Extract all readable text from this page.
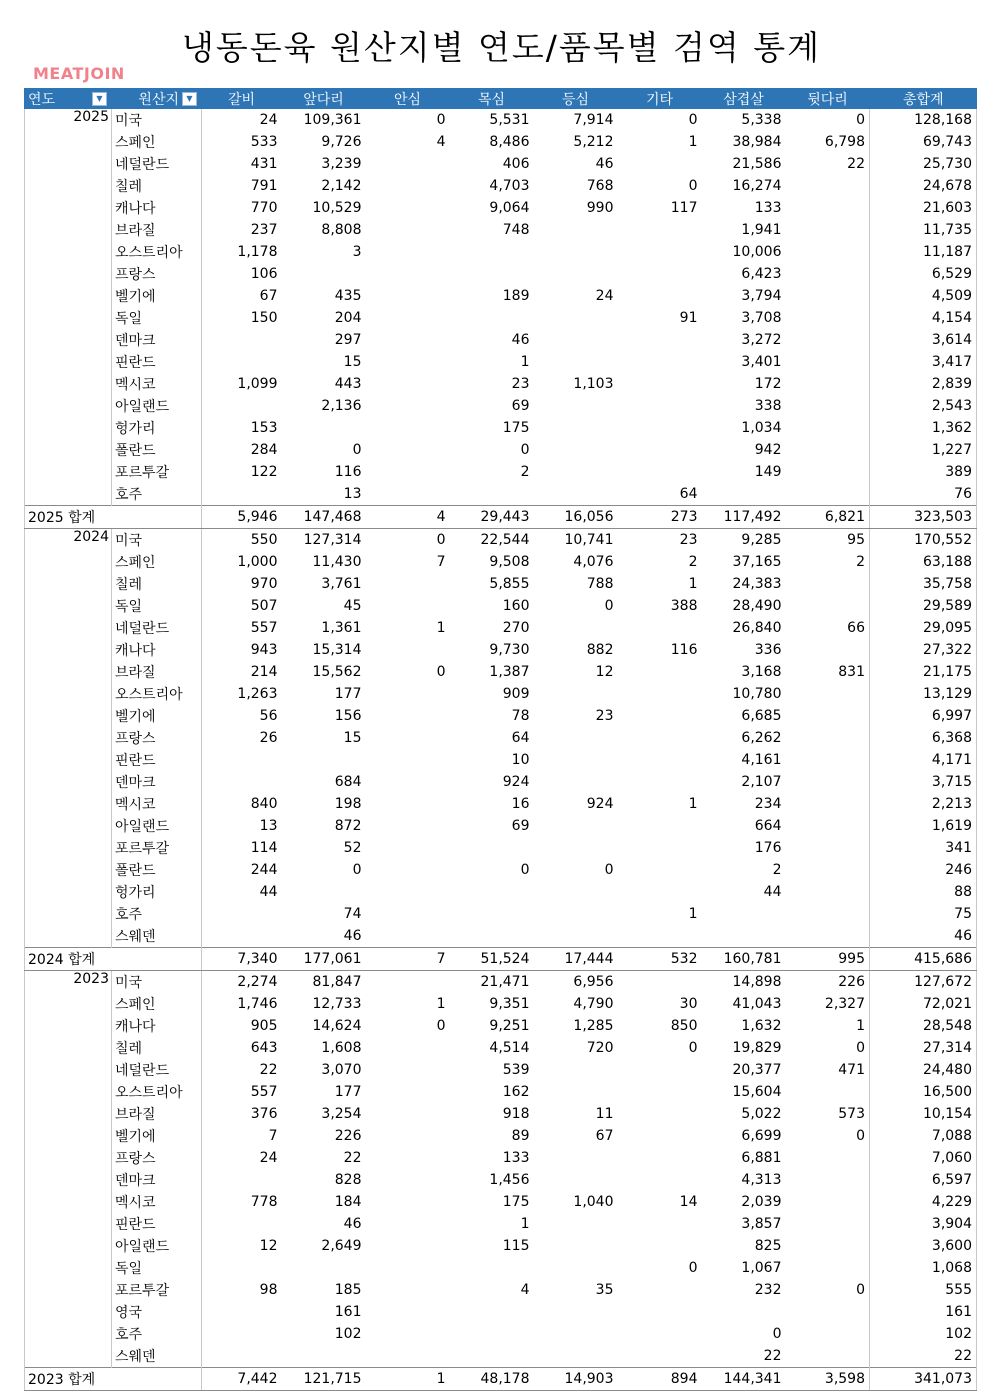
냉동돈육 원산지별 연도/품목별 검역 통계
MEATJOIN
연도 ▼	원산지 ▼	갈비	앞다리	안심	목심	등심	기타	삼겹살	뒷다리	총합계
2025	미국	24	109,361	0	5,531	7,914	0	5,338	0	128,168
	스페인	533	9,726	4	8,486	5,212	1	38,984	6,798	69,743
	네덜란드	431	3,239		406	46		21,586	22	25,730
	칠레	791	2,142		4,703	768	0	16,274		24,678
	캐나다	770	10,529		9,064	990	117	133		21,603
	브라질	237	8,808		748			1,941		11,735
	오스트리아	1,178	3					10,006		11,187
	프랑스	106						6,423		6,529
	벨기에	67	435		189	24		3,794		4,509
	독일	150	204				91	3,708		4,154
	덴마크		297		46			3,272		3,614
	핀란드		15		1			3,401		3,417
	멕시코	1,099	443		23	1,103		172		2,839
	아일랜드		2,136		69			338		2,543
	헝가리	153			175			1,034		1,362
	폴란드	284	0		0			942		1,227
	포르투갈	122	116		2			149		389
	호주		13				64			76
2025 합계		5,946	147,468	4	29,443	16,056	273	117,492	6,821	323,503
2024	미국	550	127,314	0	22,544	10,741	23	9,285	95	170,552
	스페인	1,000	11,430	7	9,508	4,076	2	37,165	2	63,188
	칠레	970	3,761		5,855	788	1	24,383		35,758
	독일	507	45		160	0	388	28,490		29,589
	네덜란드	557	1,361	1	270			26,840	66	29,095
	캐나다	943	15,314		9,730	882	116	336		27,322
	브라질	214	15,562	0	1,387	12		3,168	831	21,175
	오스트리아	1,263	177		909			10,780		13,129
	벨기에	56	156		78	23		6,685		6,997
	프랑스	26	15		64			6,262		6,368
	핀란드				10			4,161		4,171
	덴마크		684		924			2,107		3,715
	멕시코	840	198		16	924	1	234		2,213
	아일랜드	13	872		69			664		1,619
	포르투갈	114	52					176		341
	폴란드	244	0		0	0		2		246
	헝가리	44						44		88
	호주		74				1			75
	스웨덴		46							46
2024 합계		7,340	177,061	7	51,524	17,444	532	160,781	995	415,686
2023	미국	2,274	81,847		21,471	6,956		14,898	226	127,672
	스페인	1,746	12,733	1	9,351	4,790	30	41,043	2,327	72,021
	캐나다	905	14,624	0	9,251	1,285	850	1,632	1	28,548
	칠레	643	1,608		4,514	720	0	19,829	0	27,314
	네덜란드	22	3,070		539			20,377	471	24,480
	오스트리아	557	177		162			15,604		16,500
	브라질	376	3,254		918	11		5,022	573	10,154
	벨기에	7	226		89	67		6,699	0	7,088
	프랑스	24	22		133			6,881		7,060
	덴마크		828		1,456			4,313		6,597
	멕시코	778	184		175	1,040	14	2,039		4,229
	핀란드		46		1			3,857		3,904
	아일랜드	12	2,649		115			825		3,600
	독일						0	1,067		1,068
	포르투갈	98	185		4	35		232	0	555
	영국		161							161
	호주		102					0		102
	스웨덴							22		22
2023 합계		7,442	121,715	1	48,178	14,903	894	144,341	3,598	341,073
